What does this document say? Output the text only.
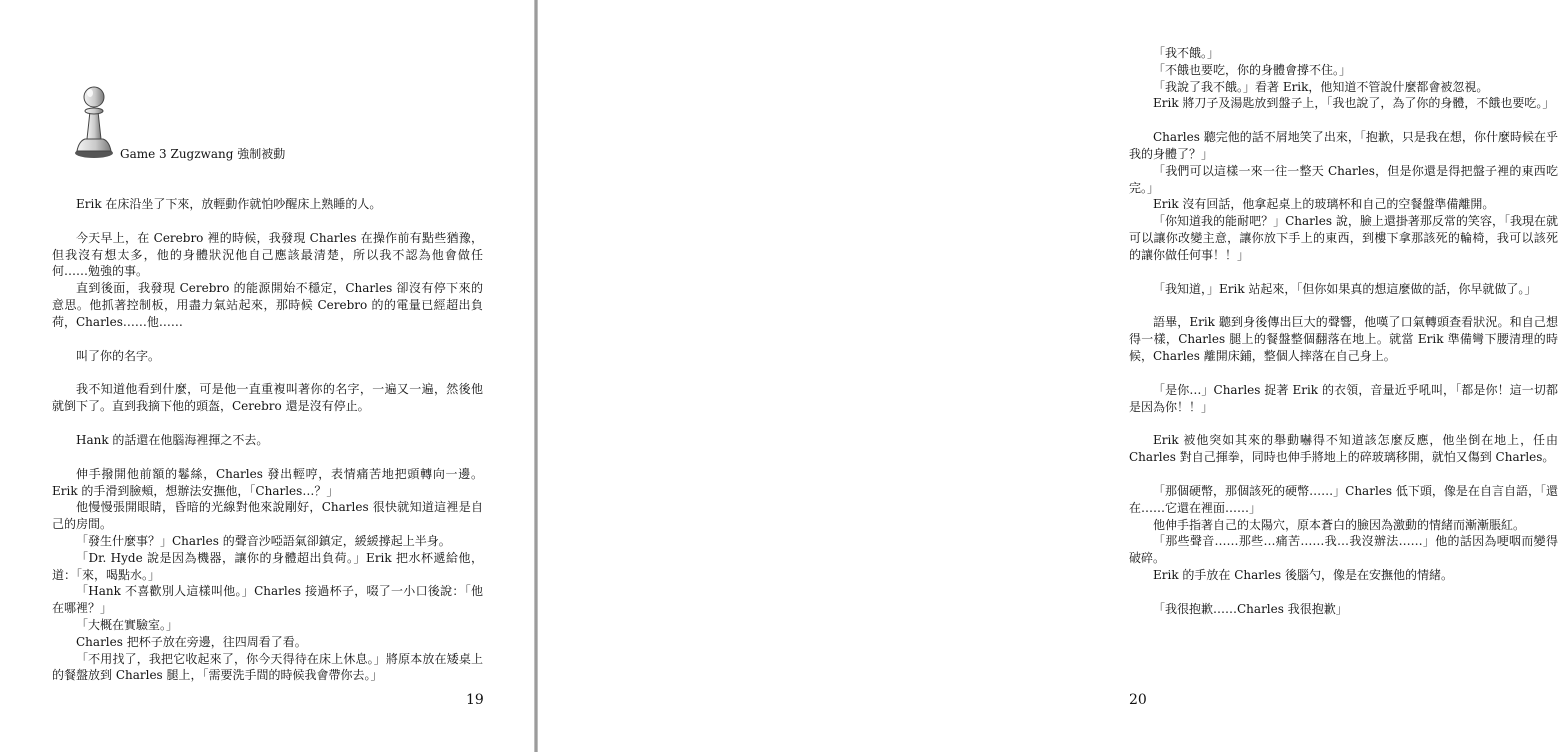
Game 3 Zugzwang 強制被動

Erik 在床沿坐了下來，放輕動作就怕吵醒床上熟睡的人。

今天早上，在 Cerebro 裡的時候，我發現 Charles 在操作前有點些猶豫，但我沒有想太多，他的身體狀況他自己應該最清楚，所以我不認為他會做任何……勉強的事。

直到後面，我發現 Cerebro 的能源開始不穩定，Charles 卻沒有停下來的意思。他抓著控制板，用盡力氣站起來，那時候 Cerebro 的的電量已經超出負荷，Charles……他……

叫了你的名字。

我不知道他看到什麼，可是他一直重複叫著你的名字，一遍又一遍，然後他就倒下了。直到我摘下他的頭盔，Cerebro 還是沒有停止。

Hank 的話還在他腦海裡揮之不去。

伸手撥開他前額的鬈絲，Charles 發出輕哼，表情痛苦地把頭轉向一邊。Erik 的手滑到臉頰，想辦法安撫他，「Charles…？」

他慢慢張開眼睛，昏暗的光線對他來說剛好，Charles 很快就知道這裡是自己的房間。

「發生什麼事？」Charles 的聲音沙啞語氣卻鎮定，緩緩撐起上半身。

「Dr. Hyde 說是因為機器，讓你的身體超出負荷。」Erik 把水杯遞給他，道：「來，喝點水。」

「Hank 不喜歡別人這樣叫他。」Charles 接過杯子，啜了一小口後說：「他在哪裡？」

「大概在實驗室。」

Charles 把杯子放在旁邊，往四周看了看。

「不用找了，我把它收起來了，你今天得待在床上休息。」將原本放在矮桌上的餐盤放到 Charles 腿上，「需要洗手間的時候我會帶你去。」

19

「我不餓。」

「不餓也要吃，你的身體會撐不住。」

「我說了我不餓。」看著 Erik，他知道不管說什麼都會被忽視。

Erik 將刀子及湯匙放到盤子上，「我也說了，為了你的身體，不餓也要吃。」

Charles 聽完他的話不屑地笑了出來，「抱歉，只是我在想，你什麼時候在乎我的身體了？」

「我們可以這樣一來一往一整天 Charles，但是你還是得把盤子裡的東西吃完。」

Erik 沒有回話，他拿起桌上的玻璃杯和自己的空餐盤準備離開。

「你知道我的能耐吧？」Charles 說，臉上還掛著那反常的笑容，「我現在就可以讓你改變主意，讓你放下手上的東西，到樓下拿那該死的輪椅，我可以該死的讓你做任何事！！」

「我知道，」Erik 站起來，「但你如果真的想這麼做的話，你早就做了。」

語畢，Erik 聽到身後傳出巨大的聲響，他嘆了口氣轉頭查看狀況。和自己想得一樣，Charles 腿上的餐盤整個翻落在地上。就當 Erik 準備彎下腰清理的時候，Charles 離開床鋪，整個人摔落在自己身上。

「是你…」Charles 捉著 Erik 的衣領，音量近乎吼叫，「都是你！這一切都是因為你！！」

Erik 被他突如其來的舉動嚇得不知道該怎麼反應，他坐倒在地上，任由 Charles 對自己揮拳，同時也伸手將地上的碎玻璃移開，就怕又傷到 Charles。

「那個硬幣，那個該死的硬幣……」Charles 低下頭，像是在自言自語，「還在……它還在裡面……」

他伸手指著自己的太陽穴，原本蒼白的臉因為激動的情緒而漸漸脹紅。

「那些聲音……那些…痛苦……我…我沒辦法……」他的話因為哽咽而變得破碎。

Erik 的手放在 Charles 後腦勺，像是在安撫他的情緒。

「我很抱歉……Charles 我很抱歉」

20
